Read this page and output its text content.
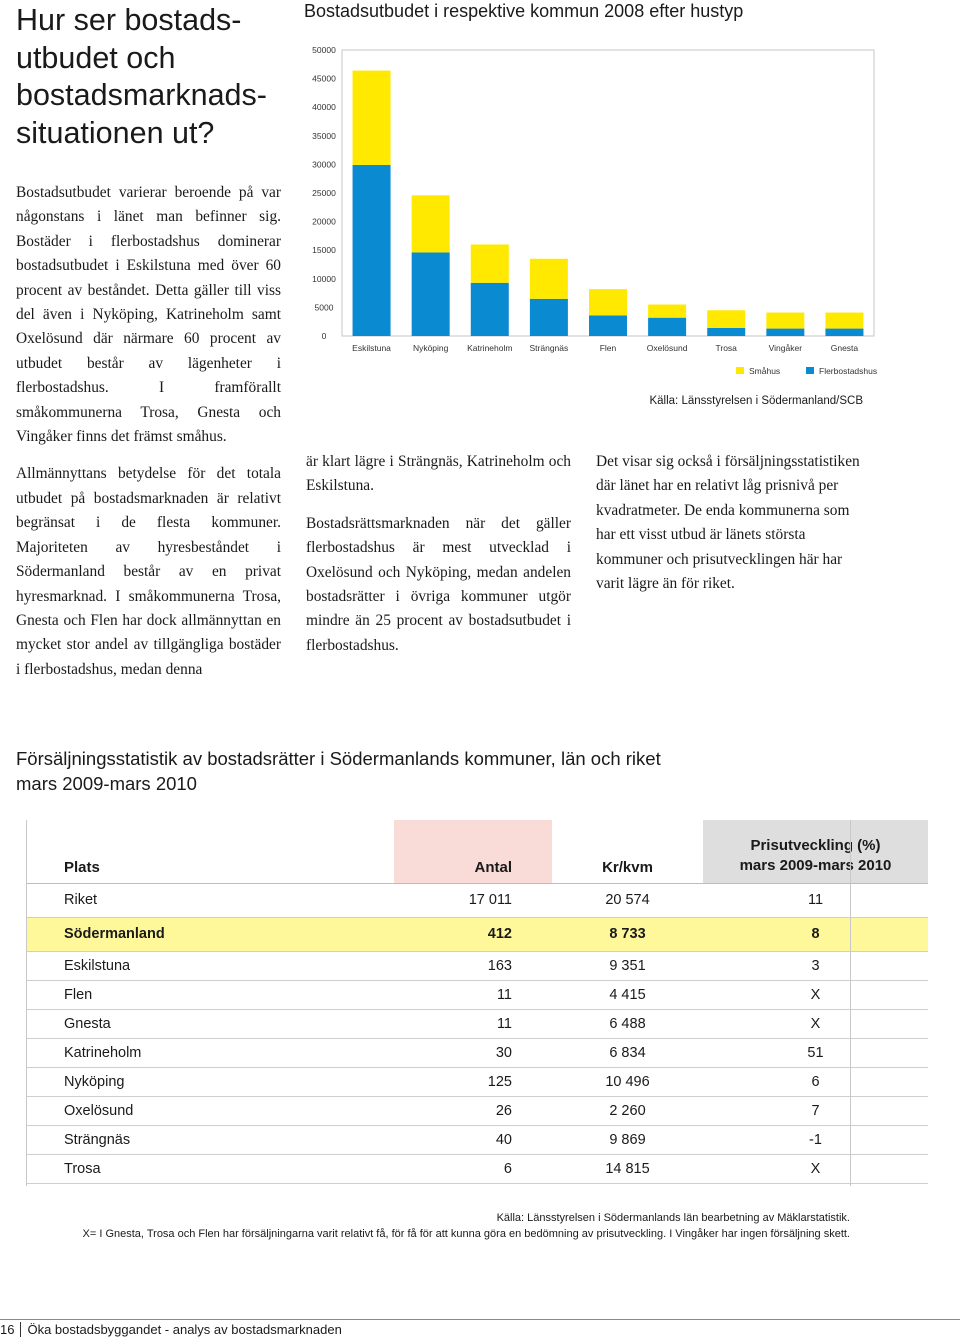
Hur ser bostads-
utbudet och
bostadsmarknads-
situationen ut?

Bostadsutbudet varierar beroende på var någonstans i länet man befinner sig. Bostäder i flerbostadshus dominerar bostadsutbudet i Eskilstuna med över 60 procent av beståndet. Detta gäller till viss del även i Nyköping, Katrineholm samt Oxelösund där närmare 60 procent av utbudet består av lägenheter i flerbostadshus. I framförallt småkommunerna Trosa, Gnesta och Vingåker finns det främst småhus.

Allmännyttans betydelse för det totala utbudet på bostadsmarknaden är relativt begränsat i de flesta kommuner. Majoriteten av hyresbeståndet i Södermanland består av en privat hyresmarknad. I småkommunerna Trosa, Gnesta och Flen har dock allmännyttan en mycket stor andel av tillgängliga bostäder i flerbostadshus, medan denna

är klart lägre i Strängnäs, Katrineholm och Eskilstuna.

Bostadsrättsmarknaden när det gäller flerbostadshus är mest utvecklad i Oxelösund och Nyköping, medan andelen bostadsrätter i övriga kommuner utgör mindre än 25 procent av bostadsutbudet i flerbostadshus.

Det visar sig också i försäljningsstatistiken där länet har en relativt låg prisnivå per kvadratmeter. De enda kommunerna som har ett visst utbud är länets största kommuner och prisutvecklingen här har varit lägre än för riket.

Bostadsutbudet i respektive kommun 2008 efter hustyp
0
5000
10000
15000
20000
25000
30000
35000
40000
45000
50000
Eskilstuna	Nyköping Katrineholm Strängnäs	Flen	Oxelösund	Trosa	Vingåker	Gnesta
Småhus	Flerbostadshus
Källa: Länsstyrelsen i Södermanland/SCB
Försäljningsstatistik av bostadsrätter i Södermanlands kommuner, län och riket
mars 2009-mars 2010
Plats	Antal	Kr/kvm	Prisutveckling (%)
mars 2009-mars 2010

Riket	17 011	20 574	11
Södermanland	412	8 733	8
Eskilstuna	163	9 351	3
Flen	11	4 415	X
Gnesta	11	6 488	X
Katrineholm	30	6 834	51
Nyköping	125	10 496	6
Oxelösund	26	2 260	7
Strängnäs	40	9 869	-1
Trosa	6	14 815	X
Källa: Länsstyrelsen i Södermanlands län bearbetning av Mäklarstatistik.
X= I Gnesta, Trosa och Flen har försäljningarna varit relativt få, för få för att kunna göra en bedömning av prisutveckling. I Vingåker har ingen försäljning skett.
16 Öka bostadsbyggandet - analys av bostadsmarknaden
